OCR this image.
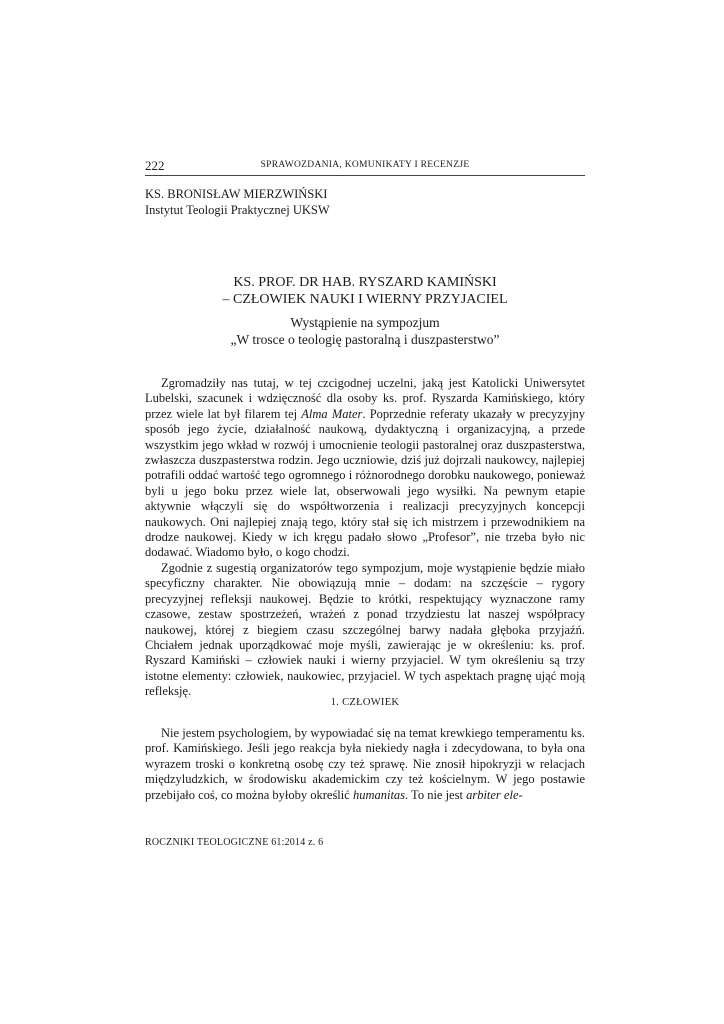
222	SPRAWOZDANIA, KOMUNIKATY I RECENZJE
KS. BRONISŁAW MIERZWIŃSKI
Instytut Teologii Praktycznej UKSW
KS. PROF. DR HAB. RYSZARD KAMIŃSKI
– CZŁOWIEK NAUKI I WIERNY PRZYJACIEL
Wystąpienie na sympozjum
„W trosce o teologię pastoralną i duszpasterstwo”

Zgromadziły nas tutaj, w tej czcigodnej uczelni, jaką jest Katolicki Uniwersytet Lubelski, szacunek i wdzięczność dla osoby ks. prof. Ryszarda Kamińskiego, który przez wiele lat był filarem tej Alma Mater. Poprzednie referaty ukazały w precyzyjny sposób jego życie, działalność naukową, dydaktyczną i organizacyjną, a przede wszystkim jego wkład w rozwój i umocnienie teologii pastoralnej oraz duszpasterstwa, zwłaszcza duszpasterstwa rodzin. Jego uczniowie, dziś już dojrzali naukowcy, najlepiej potrafili oddać wartość tego ogromnego i różnorodnego dorobku naukowego, ponieważ byli u jego boku przez wiele lat, obserwowali jego wysiłki. Na pewnym etapie aktywnie włączyli się do współtworzenia i realizacji precyzyjnych koncepcji naukowych. Oni najlepiej znają tego, który stał się ich mistrzem i przewodnikiem na drodze naukowej. Kiedy w ich kręgu padało słowo „Profesor”, nie trzeba było nic dodawać. Wiadomo było, o kogo chodzi.

Zgodnie z sugestią organizatorów tego sympozjum, moje wystąpienie będzie miało specyficzny charakter. Nie obowiązują mnie – dodam: na szczęście – rygory precyzyjnej refleksji naukowej. Będzie to krótki, respektujący wyznaczone ramy czasowe, zestaw spostrzeżeń, wrażeń z ponad trzydziestu lat naszej współpracy naukowej, której z biegiem czasu szczególnej barwy nadała głęboka przyjaźń. Chciałem jednak uporządkować moje myśli, zawierając je w określeniu: ks. prof. Ryszard Kamiński – człowiek nauki i wierny przyjaciel. W tym określeniu są trzy istotne elementy: człowiek, naukowiec, przyjaciel. W tych aspektach pragnę ująć moją refleksję.

1. CZŁOWIEK

Nie jestem psychologiem, by wypowiadać się na temat krewkiego temperamentu ks. prof. Kamińskiego. Jeśli jego reakcja była niekiedy nagła i zdecydowana, to była ona wyrazem troski o konkretną osobę czy też sprawę. Nie znosił hipokryzji w relacjach międzyludzkich, w środowisku akademickim czy też kościelnym. W jego postawie przebijało coś, co można byłoby określić humanitas. To nie jest arbiter ele-

ROCZNIKI TEOLOGICZNE 61:2014 z. 6
